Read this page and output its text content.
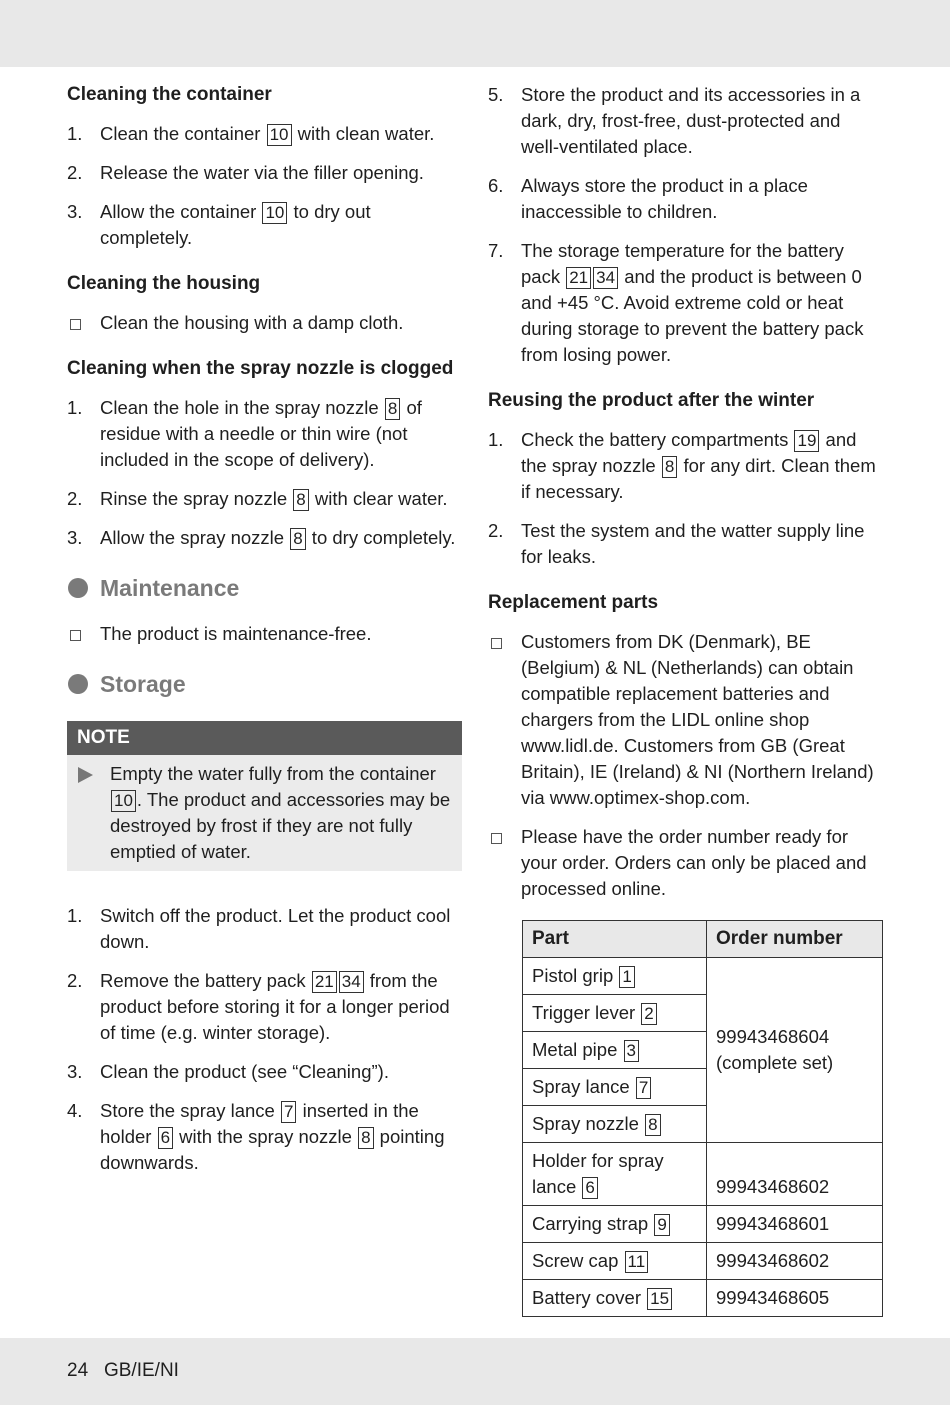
Cleaning the container
1. Clean the container 10 with clean water.
2. Release the water via the filler opening.
3. Allow the container 10 to dry out completely.
Cleaning the housing
Clean the housing with a damp cloth.
Cleaning when the spray nozzle is clogged
1. Clean the hole in the spray nozzle 8 of residue with a needle or thin wire (not included in the scope of delivery).
2. Rinse the spray nozzle 8 with clear water.
3. Allow the spray nozzle 8 to dry completely.
Maintenance
The product is maintenance-free.
Storage
NOTE
Empty the water fully from the container 10 . The product and accessories may be destroyed by frost if they are not fully emptied of water.
1. Switch off the product. Let the product cool down.
2. Remove the battery pack 21 34 from the product before storing it for a longer period of time (e.g. winter storage).
3. Clean the product (see “Cleaning”).
4. Store the spray lance 7 inserted in the holder 6 with the spray nozzle 8 pointing downwards.
5. Store the product and its accessories in a dark, dry, frost-free, dust-protected and well-ventilated place.
6. Always store the product in a place inaccessible to children.
7. The storage temperature for the battery pack 21 34 and the product is between 0 and +45 °C. Avoid extreme cold or heat during storage to prevent the battery pack from losing power.
Reusing the product after the winter
1. Check the battery compartments 19 and the spray nozzle 8 for any dirt. Clean them if necessary.
2. Test the system and the watter supply line for leaks.
Replacement parts
Customers from DK (Denmark), BE (Belgium) & NL (Netherlands) can obtain compatible replacement batteries and chargers from the LIDL online shop www.lidl.de. Customers from GB (Great Britain), IE (Ireland) & NI (Northern Ireland) via www.optimex-shop.com.
Please have the order number ready for your order. Orders can only be placed and processed online.
Part	Order number
Pistol grip 1	99943468604
(complete set)
Trigger lever 2	
Metal pipe 3	
Spray lance 7	
Spray nozzle 8	
Holder for spray lance 6	99943468602
Carrying strap 9	99943468601
Screw cap 11	99943468602
Battery cover 15	99943468605
24 GB/IE/NI
